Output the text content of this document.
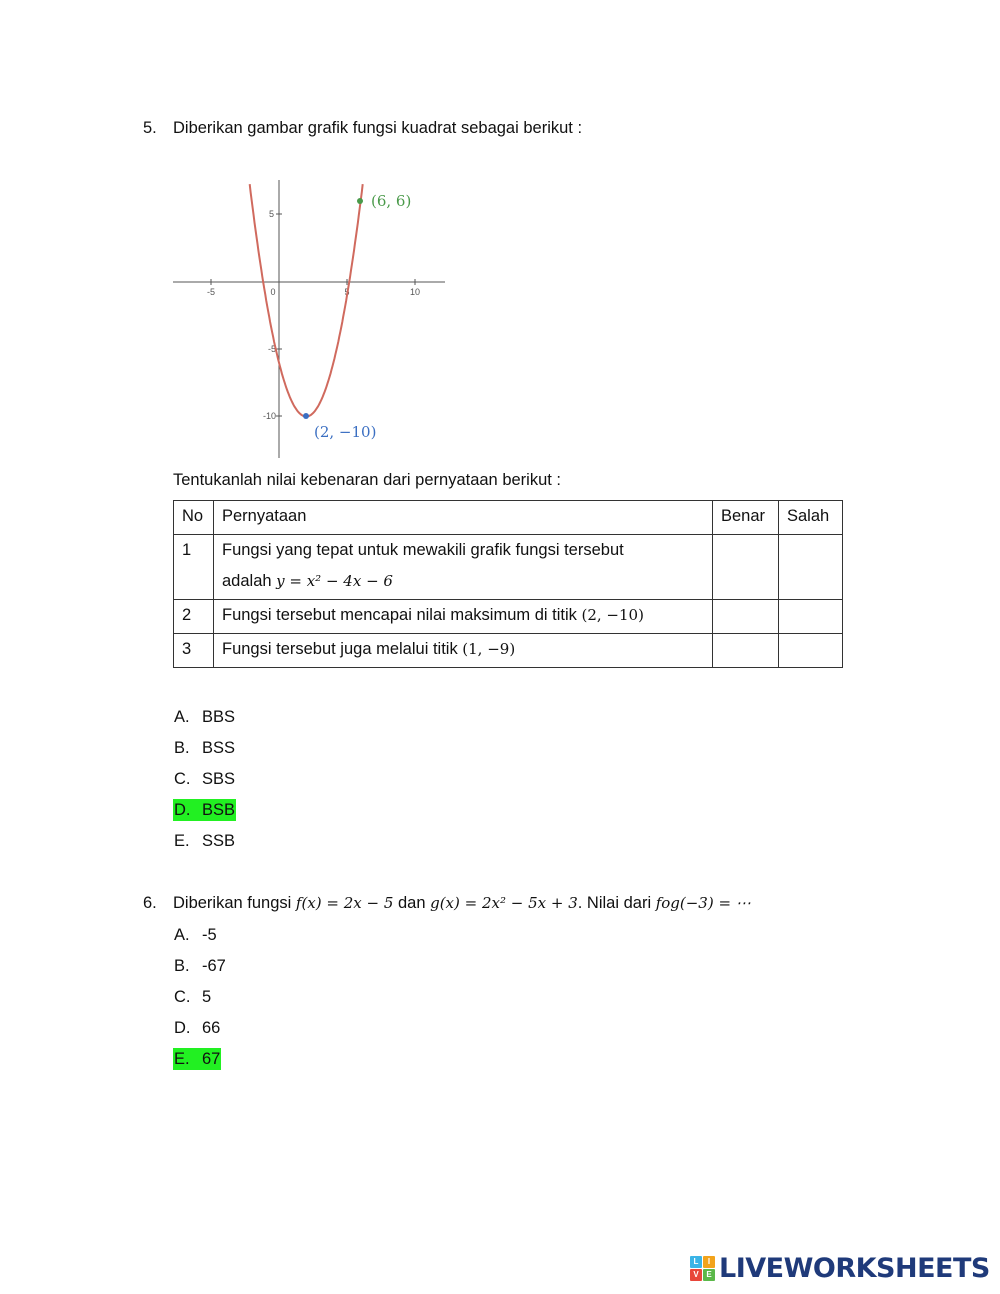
5. Diberikan gambar grafik fungsi kuadrat sebagai berikut :
-5	0	5	10
5
-5
-10
(6, 6)
(2, −10)
Tentukanlah nilai kebenaran dari pernyataan berikut :
No	Pernyataan	Benar	Salah
1	Fungsi yang tepat untuk mewakili grafik fungsi tersebut
adalah y = x² − 4x − 6		
2	Fungsi tersebut mencapai nilai maksimum di titik (2, −10)		
3	Fungsi tersebut juga melalui titik (1, −9)		
A. BBS
B. BSS
C. SBS
D. BSB
E. SSB
6. Diberikan fungsi f(x) = 2x − 5 dan g(x) = 2x² − 5x + 3. Nilai dari fog(−3) = ⋯
A. -5
B. -67
C. 5
D. 66
E. 67
L	I
V E LIVEWORKSHEETS
